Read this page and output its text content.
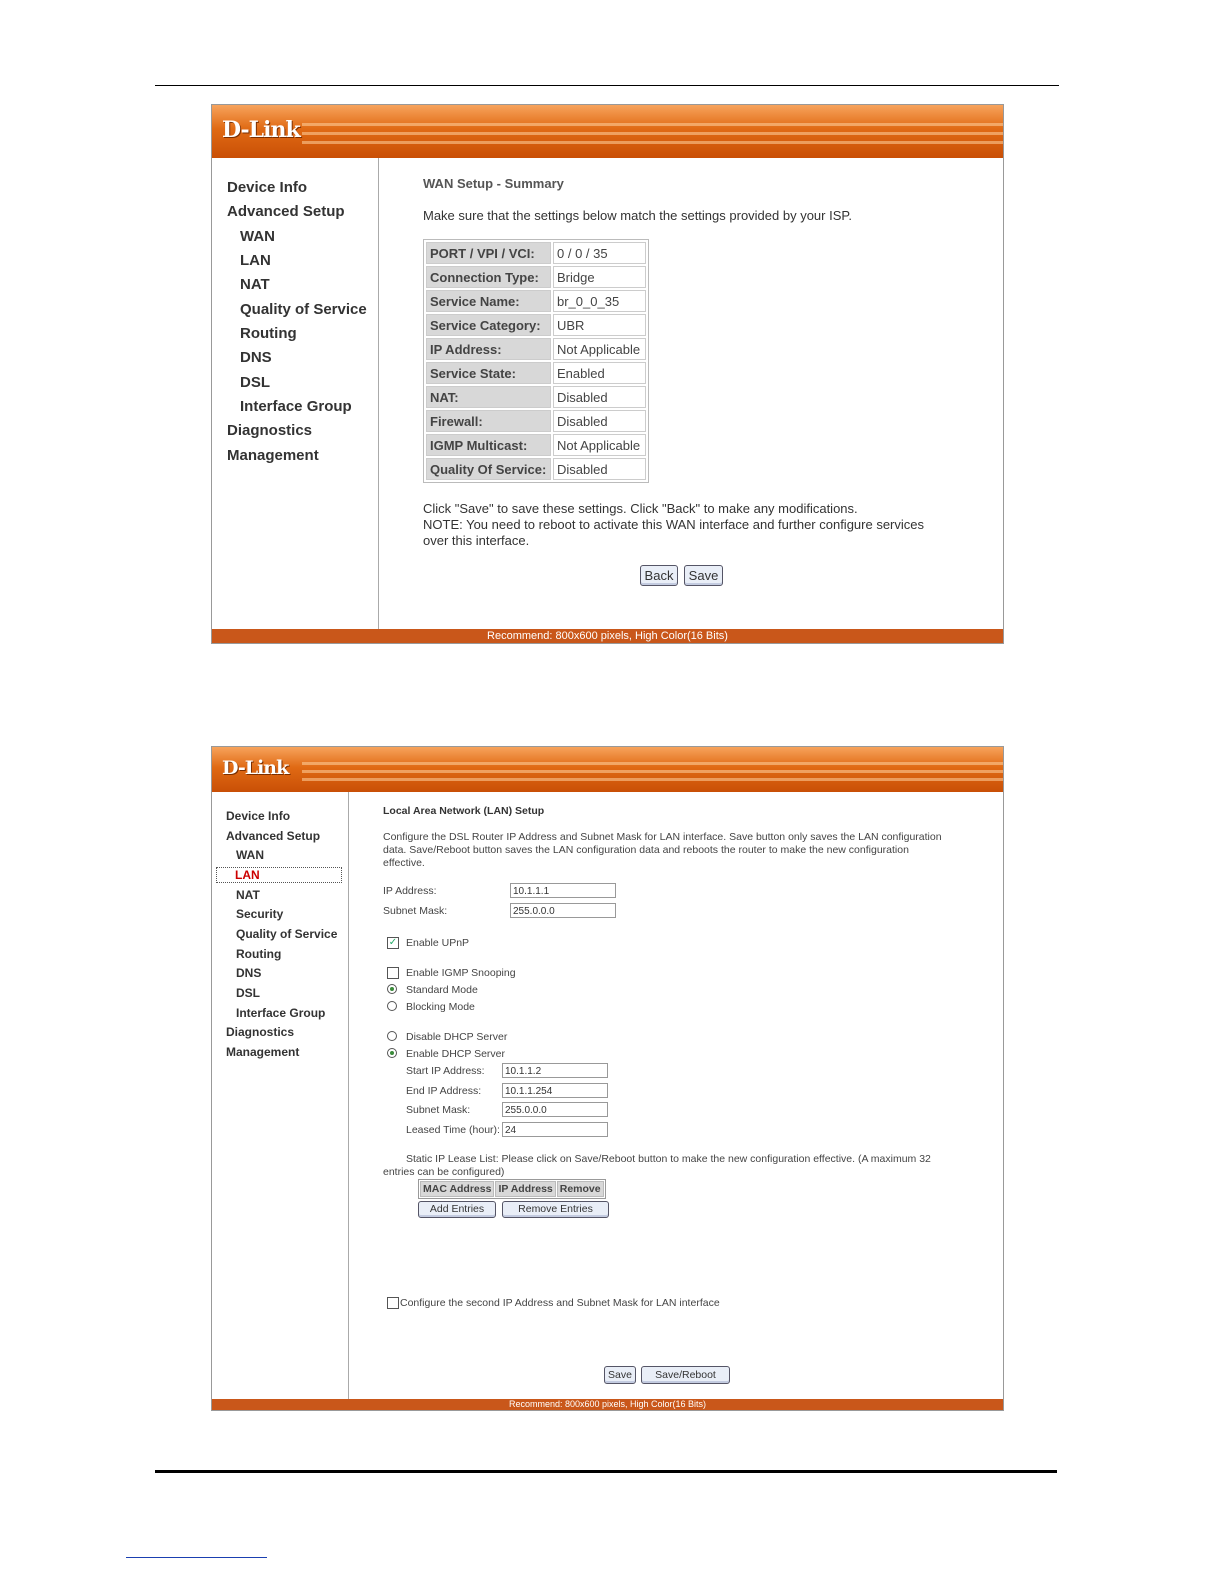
D-Link
Device Info
Advanced Setup
WAN
LAN
NAT
Quality of Service
Routing
DNS
DSL
Interface Group
Diagnostics
Management
WAN Setup - Summary
Make sure that the settings below match the settings provided by your ISP.
PORT / VPI / VCI:	0 / 0 / 35
Connection Type:	Bridge
Service Name:	br_0_0_35
Service Category:	UBR
IP Address:	Not Applicable
Service State:	Enabled
NAT:	Disabled
Firewall:	Disabled
IGMP Multicast:	Not Applicable
Quality Of Service:	Disabled
Click "Save" to save these settings. Click "Back" to make any modifications.
NOTE: You need to reboot to activate this WAN interface and further configure services
over this interface.
Back	Save
Recommend: 800x600 pixels, High Color(16 Bits)
D-Link
Device Info
Advanced Setup
WAN
LAN
NAT
Security
Quality of Service
Routing
DNS
DSL
Interface Group
Diagnostics
Management
Local Area Network (LAN) Setup
Configure the DSL Router IP Address and Subnet Mask for LAN interface. Save button only saves the LAN configuration
data. Save/Reboot button saves the LAN configuration data and reboots the router to make the new configuration
effective.
IP Address:	10.1.1.1
Subnet Mask:	255.0.0.0
✓ Enable UPnP
Enable IGMP Snooping
Standard Mode
Blocking Mode
Disable DHCP Server
Enable DHCP Server
Start IP Address:	10.1.1.2
End IP Address:	10.1.1.254
Subnet Mask:	255.0.0.0
Leased Time (hour): 24
Static IP Lease List: Please click on Save/Reboot button to make the new configuration effective. (A maximum 32
entries can be configured)
MAC Address	IP Address	Remove
Add Entries	Remove Entries
Configure the second IP Address and Subnet Mask for LAN interface
Save	Save/Reboot
Recommend: 800x600 pixels, High Color(16 Bits)
